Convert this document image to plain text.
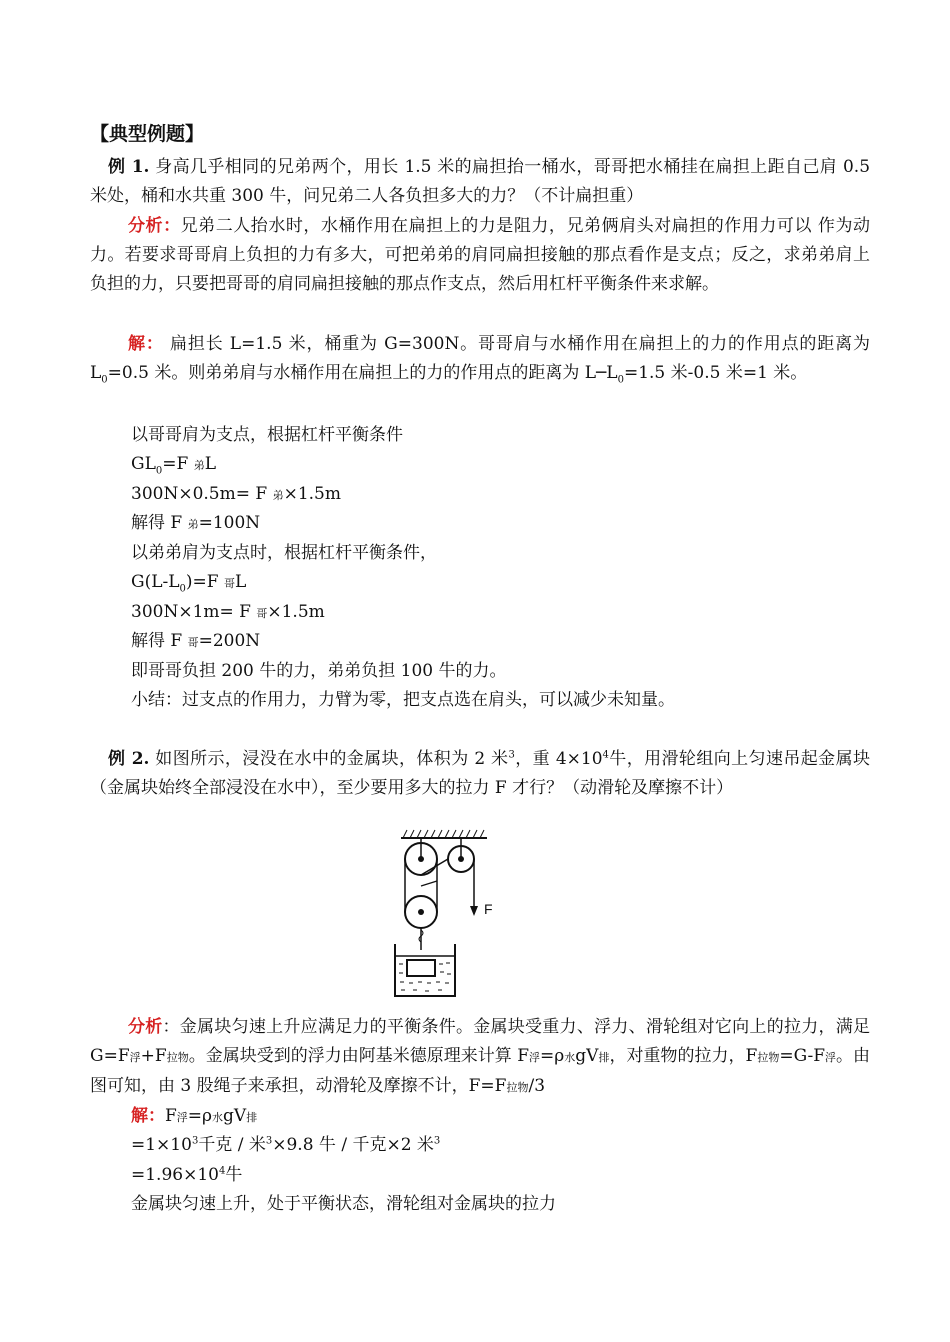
【典型例题】
例 1. 身高几乎相同的兄弟两个，用长 1.5 米的扁担抬一桶水，哥哥把水桶挂在扁担上距自己肩 0.5 米处，桶和水共重 300 牛，问兄弟二人各负担多大的力？（不计扁担重）
分析：兄弟二人抬水时，水桶作用在扁担上的力是阻力，兄弟俩肩头对扁担的作用力可以 作为动力。若要求哥哥肩上负担的力有多大，可把弟弟的肩同扁担接触的那点看作是支点；反之，求弟弟肩上负担的力，只要把哥哥的肩同扁担接触的那点作支点，然后用杠杆平衡条件来求解。
解： 扁担长 L=1.5 米，桶重为 G=300N。哥哥肩与水桶作用在扁担上的力的作用点的距离为 $L_0=0.5$ 米。则弟弟肩与水桶作用在扁担上的力的作用点的距离为 $L─L_0=1.5$ 米-0.5 米=1 米。
以哥哥肩为支点，根据杠杆平衡条件
$GL_0=F$ 弟L
300N×0.5m= F 弟×1.5m
解得 F 弟=100N
以弟弟肩为支点时，根据杠杆平衡条件，
$G(L-L_0)=F$ 哥L
300N×1m= F 哥×1.5m
解得 F 哥=200N
即哥哥负担 200 牛的力，弟弟负担 100 牛的力。
小结：过支点的作用力，力臂为零，把支点选在肩头，可以减少未知量。
例 2. 如图所示，浸没在水中的金属块，体积为 2 米$^3$，重 $4\times 10^4$牛，用滑轮组向上匀速吊起金属块（金属块始终全部浸没在水中），至少要用多大的拉力 F 才行？（动滑轮及摩擦不计）
F
分析：金属块匀速上升应满足力的平衡条件。金属块受重力、浮力、滑轮组对它向上的拉力，满足 G=F浮+F拉物。金属块受到的浮力由阿基米德原理来计算 F浮=ρ水gV排，对重物的拉力，F拉物=G-F浮。由图可知，由 3 股绳子来承担，动滑轮及摩擦不计，F=F拉物/3
解：F浮=ρ水gV排
$=1\times 10^3$千克 / 米$^3$×9.8 牛 / 千克×2 米$^3$
$=1.96\times 10^4$牛
金属块匀速上升，处于平衡状态，滑轮组对金属块的拉力
